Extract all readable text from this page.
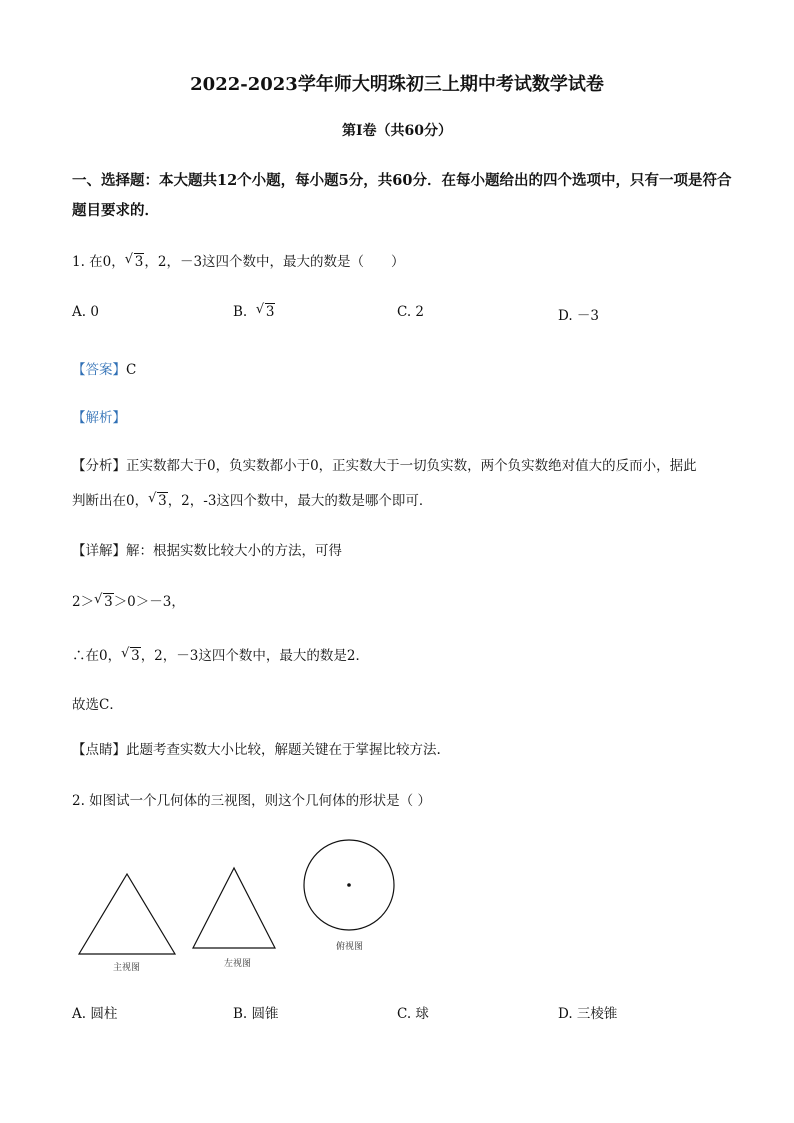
2022-2023学年师大明珠初三上期中考试数学试卷
第I卷（共60分）
一、选择题：本大题共12个小题，每小题5分，共60分．在每小题给出的四个选项中，只有一项是符合题目要求的．
1. 在0， √ 3，2，－3这四个数中，最大的数是（　　）
A. 0	B. √ 3	C. 2	D. －3
【答案】C
【解析】
【分析】正实数都大于0，负实数都小于0，正实数大于一切负实数，两个负实数绝对值大的反而小，据此
判断出在0， √ 3，2，-3这四个数中，最大的数是哪个即可．
【详解】解：根据实数比较大小的方法，可得
2＞ √ 3＞0＞－3，
∴在0， √ 3，2，－3这四个数中，最大的数是2．
故选C．
【点睛】此题考查实数大小比较，解题关键在于掌握比较方法.
2. 如图试一个几何体的三视图，则这个几何体的形状是（ ）
主视图	左视图
俯视图
A. 圆柱	B. 圆锥	C. 球	D. 三棱锥
